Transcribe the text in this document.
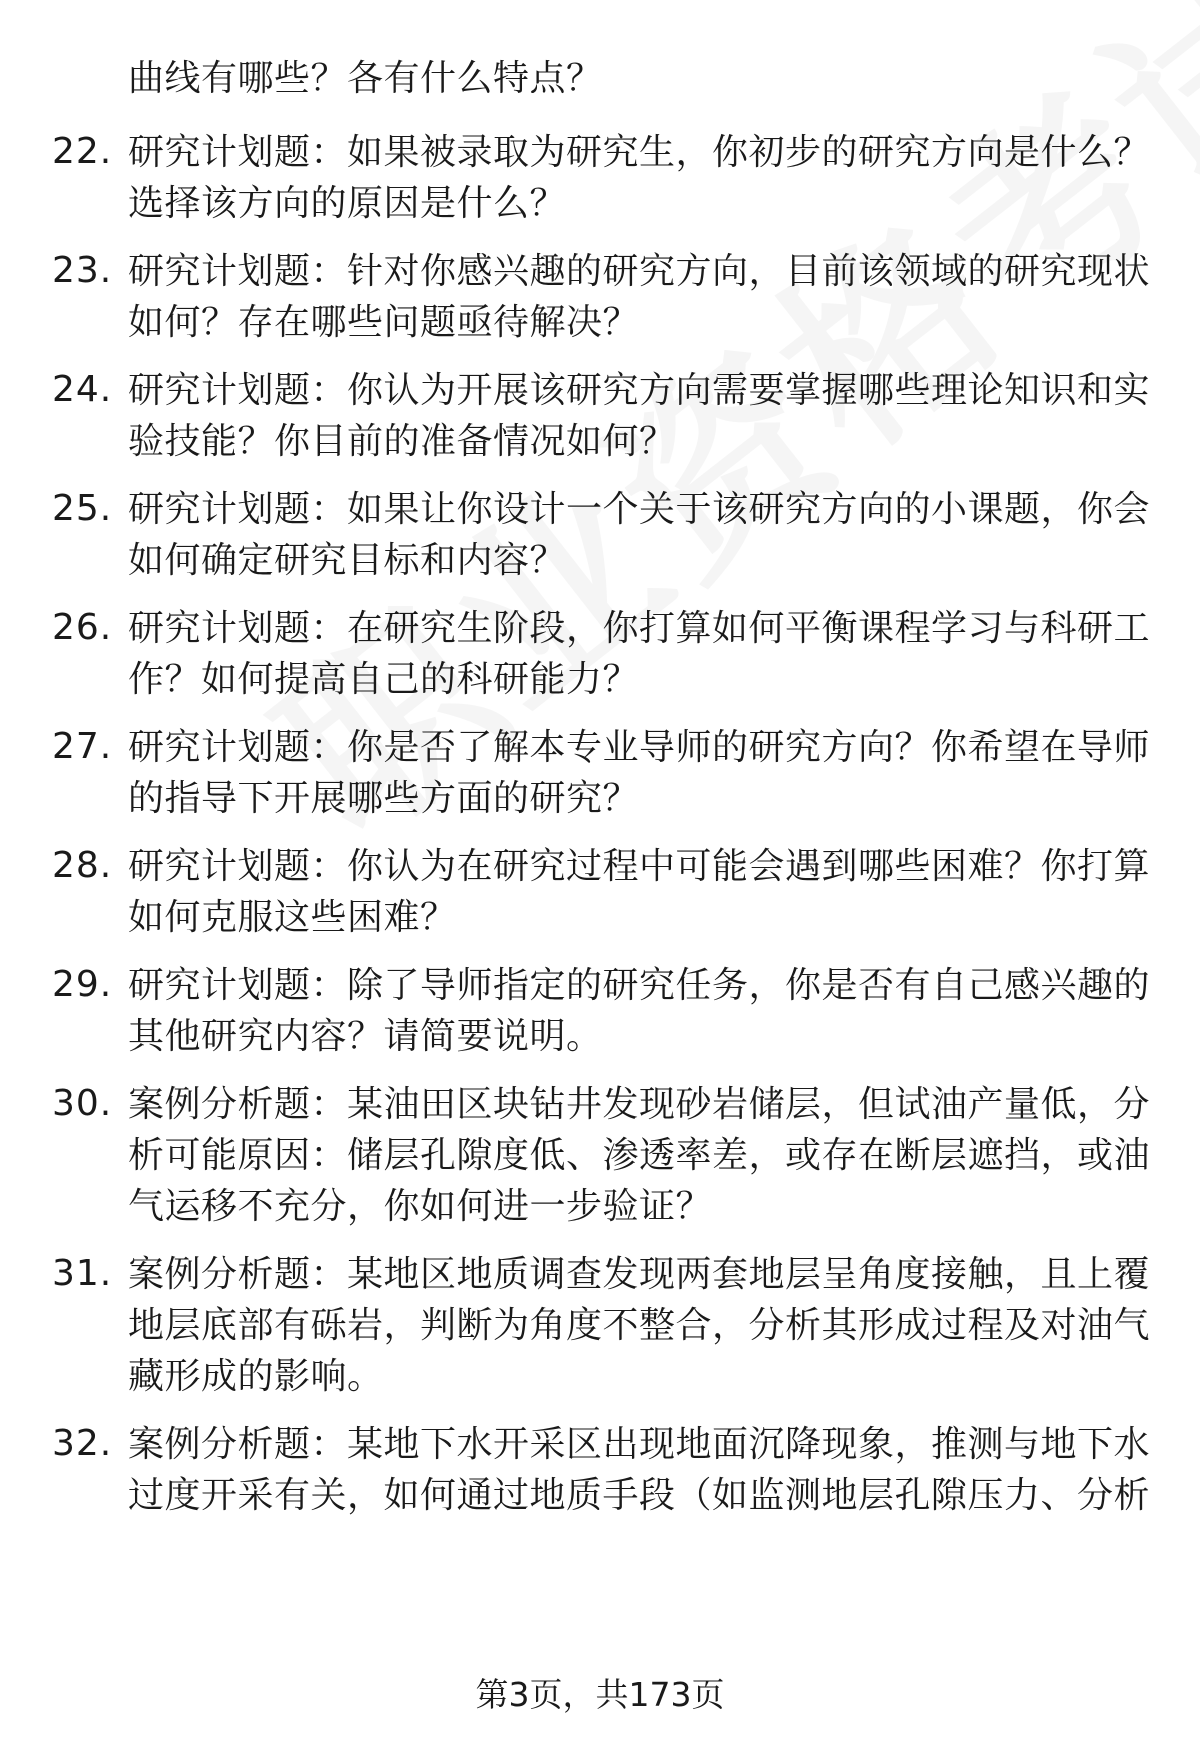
曲线有哪些？各有什么特点？
22. 研究计划题：如果被录取为研究生，你初步的研究方向是什么？
选择该方向的原因是什么？
23. 研究计划题：针对你感兴趣的研究方向，目前该领域的研究现状
如何？存在哪些问题亟待解决？
24. 研究计划题：你认为开展该研究方向需要掌握哪些理论知识和实
验技能？你目前的准备情况如何？
25. 研究计划题：如果让你设计一个关于该研究方向的小课题，你会
如何确定研究目标和内容？
26. 研究计划题：在研究生阶段，你打算如何平衡课程学习与科研工
作？如何提高自己的科研能力？
27. 研究计划题：你是否了解本专业导师的研究方向？你希望在导师
的指导下开展哪些方面的研究？
28. 研究计划题：你认为在研究过程中可能会遇到哪些困难？你打算
如何克服这些困难？
29. 研究计划题：除了导师指定的研究任务，你是否有自己感兴趣的
其他研究内容？请简要说明。
30. 案例分析题：某油田区块钻井发现砂岩储层，但试油产量低，分
析可能原因：储层孔隙度低、渗透率差，或存在断层遮挡，或油
气运移不充分，你如何进一步验证？
31. 案例分析题：某地区地质调查发现两套地层呈角度接触，且上覆
地层底部有砾岩，判断为角度不整合，分析其形成过程及对油气
藏形成的影响。
32. 案例分析题：某地下水开采区出现地面沉降现象，推测与地下水
过度开采有关，如何通过地质手段（如监测地层孔隙压力、分析
第3页，共173页
